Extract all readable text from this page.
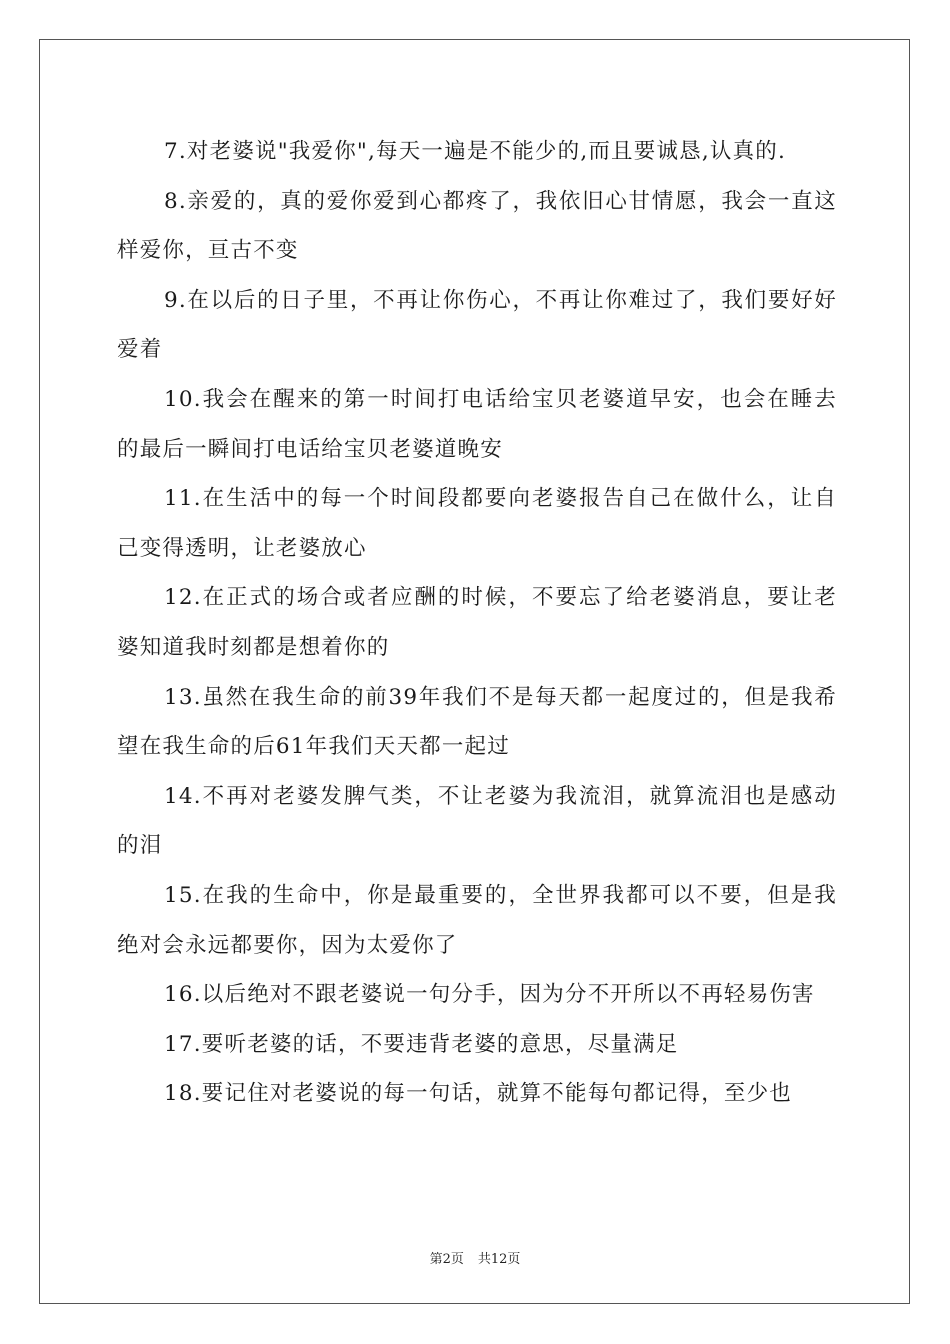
7.对老婆说"我爱你",每天一遍是不能少的,而且要诚恳,认真的.

8.亲爱的，真的爱你爱到心都疼了，我依旧心甘情愿，我会一直这样爱你，亘古不变

9.在以后的日子里，不再让你伤心，不再让你难过了，我们要好好爱着

10.我会在醒来的第一时间打电话给宝贝老婆道早安，也会在睡去的最后一瞬间打电话给宝贝老婆道晚安

11.在生活中的每一个时间段都要向老婆报告自己在做什么，让自己变得透明，让老婆放心

12.在正式的场合或者应酬的时候，不要忘了给老婆消息，要让老婆知道我时刻都是想着你的

13.虽然在我生命的前39年我们不是每天都一起度过的，但是我希望在我生命的后61年我们天天都一起过

14.不再对老婆发脾气类，不让老婆为我流泪，就算流泪也是感动的泪

15.在我的生命中，你是最重要的，全世界我都可以不要，但是我绝对会永远都要你，因为太爱你了

16.以后绝对不跟老婆说一句分手，因为分不开所以不再轻易伤害

17.要听老婆的话，不要违背老婆的意思，尽量满足

18.要记住对老婆说的每一句话，就算不能每句都记得，至少也

第2页 共12页
